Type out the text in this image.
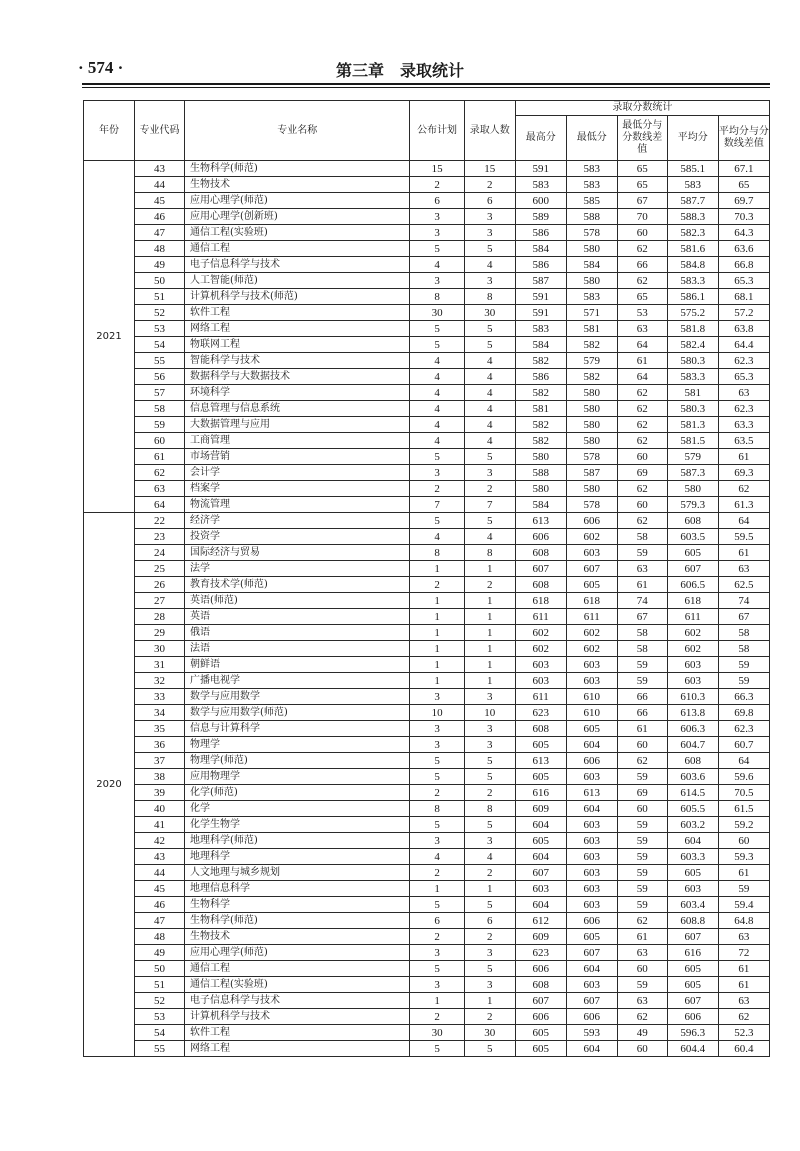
· 574 ·	第三章　录取统计
年份	专业代码	专业名称	公布计划	录取人数	录取分数统计				
					最高分	最低分	最低分与分数线差值	平均分	平均分与分数线差值
2021	43	生物科学(师范)	15	15	591	583	65	585.1	67.1
	44	生物技术	2	2	583	583	65	583	65
	45	应用心理学(师范)	6	6	600	585	67	587.7	69.7
	46	应用心理学(创新班)	3	3	589	588	70	588.3	70.3
	47	通信工程(实验班)	3	3	586	578	60	582.3	64.3
	48	通信工程	5	5	584	580	62	581.6	63.6
	49	电子信息科学与技术	4	4	586	584	66	584.8	66.8
	50	人工智能(师范)	3	3	587	580	62	583.3	65.3
	51	计算机科学与技术(师范)	8	8	591	583	65	586.1	68.1
	52	软件工程	30	30	591	571	53	575.2	57.2
	53	网络工程	5	5	583	581	63	581.8	63.8
	54	物联网工程	5	5	584	582	64	582.4	64.4
	55	智能科学与技术	4	4	582	579	61	580.3	62.3
	56	数据科学与大数据技术	4	4	586	582	64	583.3	65.3
	57	环境科学	4	4	582	580	62	581	63
	58	信息管理与信息系统	4	4	581	580	62	580.3	62.3
	59	大数据管理与应用	4	4	582	580	62	581.3	63.3
	60	工商管理	4	4	582	580	62	581.5	63.5
	61	市场营销	5	5	580	578	60	579	61
	62	会计学	3	3	588	587	69	587.3	69.3
	63	档案学	2	2	580	580	62	580	62
	64	物流管理	7	7	584	578	60	579.3	61.3
2020	22	经济学	5	5	613	606	62	608	64
	23	投资学	4	4	606	602	58	603.5	59.5
	24	国际经济与贸易	8	8	608	603	59	605	61
	25	法学	1	1	607	607	63	607	63
	26	教育技术学(师范)	2	2	608	605	61	606.5	62.5
	27	英语(师范)	1	1	618	618	74	618	74
	28	英语	1	1	611	611	67	611	67
	29	俄语	1	1	602	602	58	602	58
	30	法语	1	1	602	602	58	602	58
	31	朝鲜语	1	1	603	603	59	603	59
	32	广播电视学	1	1	603	603	59	603	59
	33	数学与应用数学	3	3	611	610	66	610.3	66.3
	34	数学与应用数学(师范)	10	10	623	610	66	613.8	69.8
	35	信息与计算科学	3	3	608	605	61	606.3	62.3
	36	物理学	3	3	605	604	60	604.7	60.7
	37	物理学(师范)	5	5	613	606	62	608	64
	38	应用物理学	5	5	605	603	59	603.6	59.6
	39	化学(师范)	2	2	616	613	69	614.5	70.5
	40	化学	8	8	609	604	60	605.5	61.5
	41	化学生物学	5	5	604	603	59	603.2	59.2
	42	地理科学(师范)	3	3	605	603	59	604	60
	43	地理科学	4	4	604	603	59	603.3	59.3
	44	人文地理与城乡规划	2	2	607	603	59	605	61
	45	地理信息科学	1	1	603	603	59	603	59
	46	生物科学	5	5	604	603	59	603.4	59.4
	47	生物科学(师范)	6	6	612	606	62	608.8	64.8
	48	生物技术	2	2	609	605	61	607	63
	49	应用心理学(师范)	3	3	623	607	63	616	72
	50	通信工程	5	5	606	604	60	605	61
	51	通信工程(实验班)	3	3	608	603	59	605	61
	52	电子信息科学与技术	1	1	607	607	63	607	63
	53	计算机科学与技术	2	2	606	606	62	606	62
	54	软件工程	30	30	605	593	49	596.3	52.3
	55	网络工程	5	5	605	604	60	604.4	60.4
